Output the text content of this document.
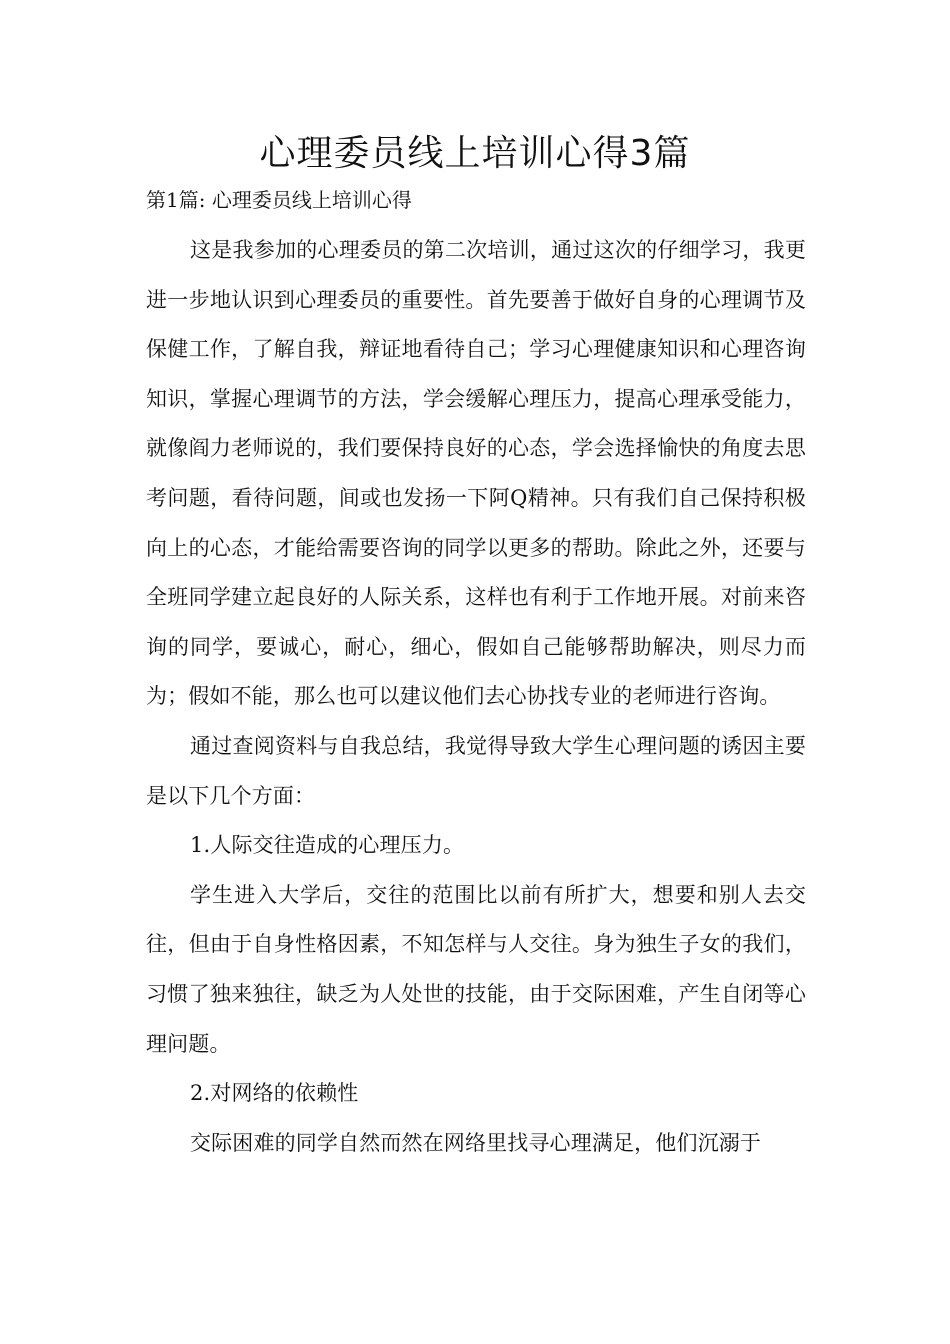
心理委员线上培训心得3篇
第1篇: 心理委员线上培训心得

这是我参加的心理委员的第二次培训，通过这次的仔细学习，我更进一步地认识到心理委员的重要性。首先要善于做好自身的心理调节及保健工作，了解自我，辩证地看待自己；学习心理健康知识和心理咨询知识，掌握心理调节的方法，学会缓解心理压力，提高心理承受能力，就像阎力老师说的，我们要保持良好的心态，学会选择愉快的角度去思考问题，看待问题，间或也发扬一下阿Q精神。只有我们自己保持积极向上的心态，才能给需要咨询的同学以更多的帮助。除此之外，还要与全班同学建立起良好的人际关系，这样也有利于工作地开展。对前来咨询的同学，要诚心，耐心，细心，假如自己能够帮助解决，则尽力而为；假如不能，那么也可以建议他们去心协找专业的老师进行咨询。

通过查阅资料与自我总结，我觉得导致大学生心理问题的诱因主要是以下几个方面：

1.人际交往造成的心理压力。

学生进入大学后，交往的范围比以前有所扩大，想要和别人去交往，但由于自身性格因素，不知怎样与人交往。身为独生子女的我们，习惯了独来独往，缺乏为人处世的技能，由于交际困难，产生自闭等心理问题。

2.对网络的依赖性

交际困难的同学自然而然在网络里找寻心理满足，他们沉溺于
